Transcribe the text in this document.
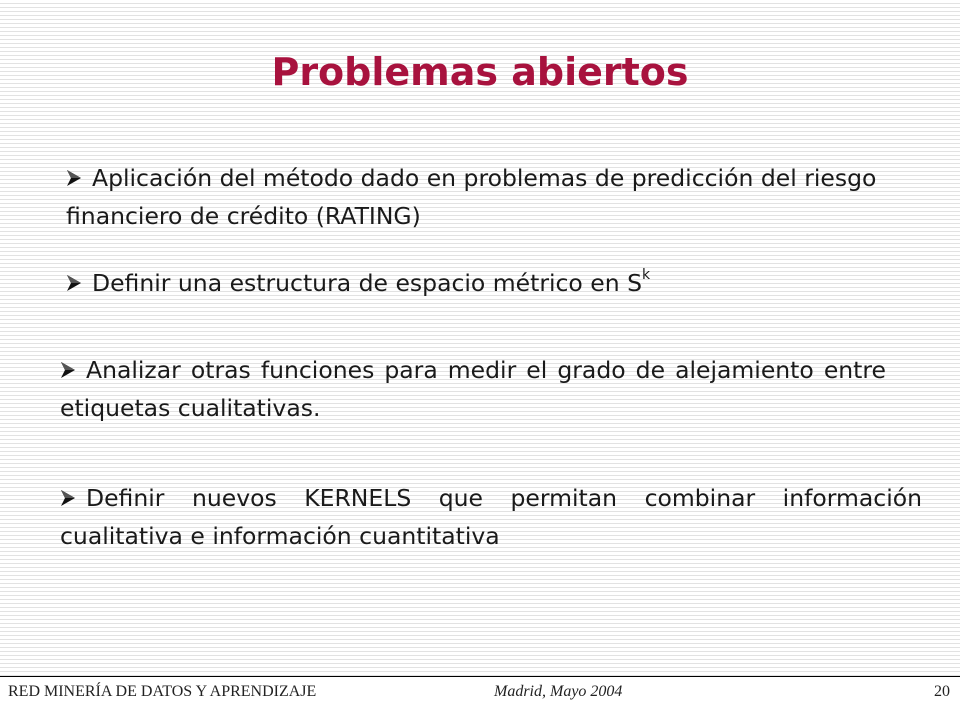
Problemas abiertos

Aplicación del método dado en problemas de predicción del riesgo financiero de crédito (RATING)

Definir una estructura de espacio métrico en $S^k$

Analizar otras funciones para medir el grado de alejamiento entre etiquetas cualitativas.

Definir nuevos KERNELS que permitan combinar información cualitativa e información cuantitativa

RED MINERÍA DE DATOS Y APRENDIZAJE	Madrid, Mayo 2004	20
